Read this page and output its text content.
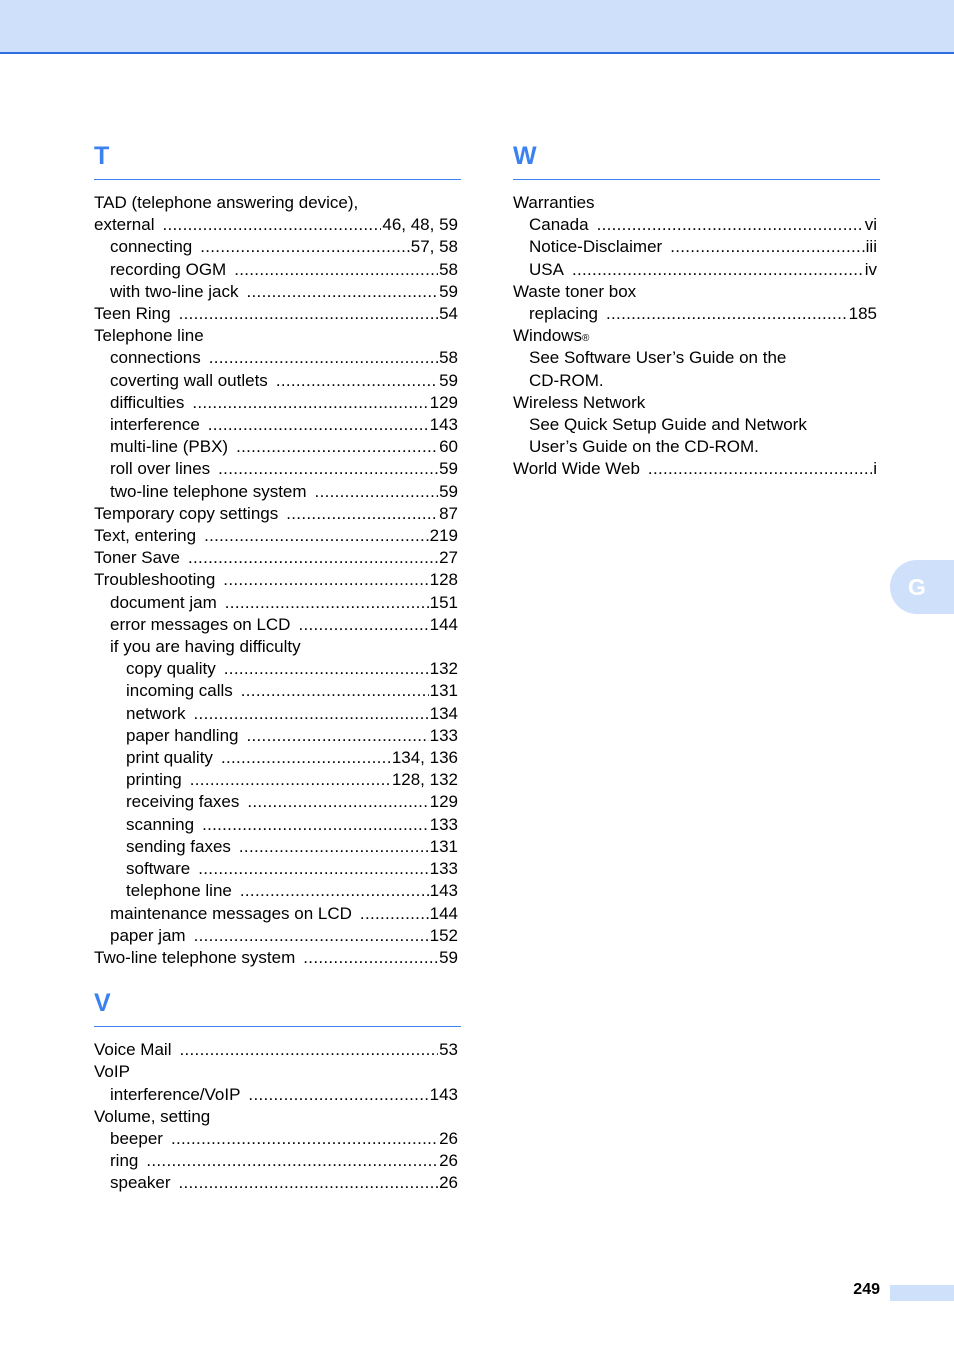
T
TAD (telephone answering device),
external .....	46, 48, 59
connecting .....	57, 58
recording OGM .....	58
with two-line jack .....	59
Teen Ring .....	54
Telephone line
connections .....	58
coverting wall outlets .....	59
difficulties .....	129
interference .....	143
multi-line (PBX) .....	60
roll over lines .....	59
two-line telephone system .....	59
Temporary copy settings .....	87
Text, entering .....	219
Toner Save .....	27
Troubleshooting .....	128
document jam .....	151
error messages on LCD .....	144
if you are having difficulty
copy quality .....	132
incoming calls .....	131
network .....	134
paper handling .....	133
print quality .....	134, 136
printing .....	128, 132
receiving faxes .....	129
scanning .....	133
sending faxes .....	131
software .....	133
telephone line .....	143
maintenance messages on LCD .....	144
paper jam .....	152
Two-line telephone system .....	59
V
Voice Mail .....	53
VoIP
interference/VoIP .....	143
Volume, setting
beeper .....	26
ring .....	26
speaker .....	26
W
Warranties
Canada .....	vi
Notice-Disclaimer .....	iii
USA .....	iv
Waste toner box
replacing .....	185
Windows ®
See Software User’s Guide on the
CD-ROM.
Wireless Network
See Quick Setup Guide and Network
User’s Guide on the CD-ROM.
World Wide Web .....	i
G
249
